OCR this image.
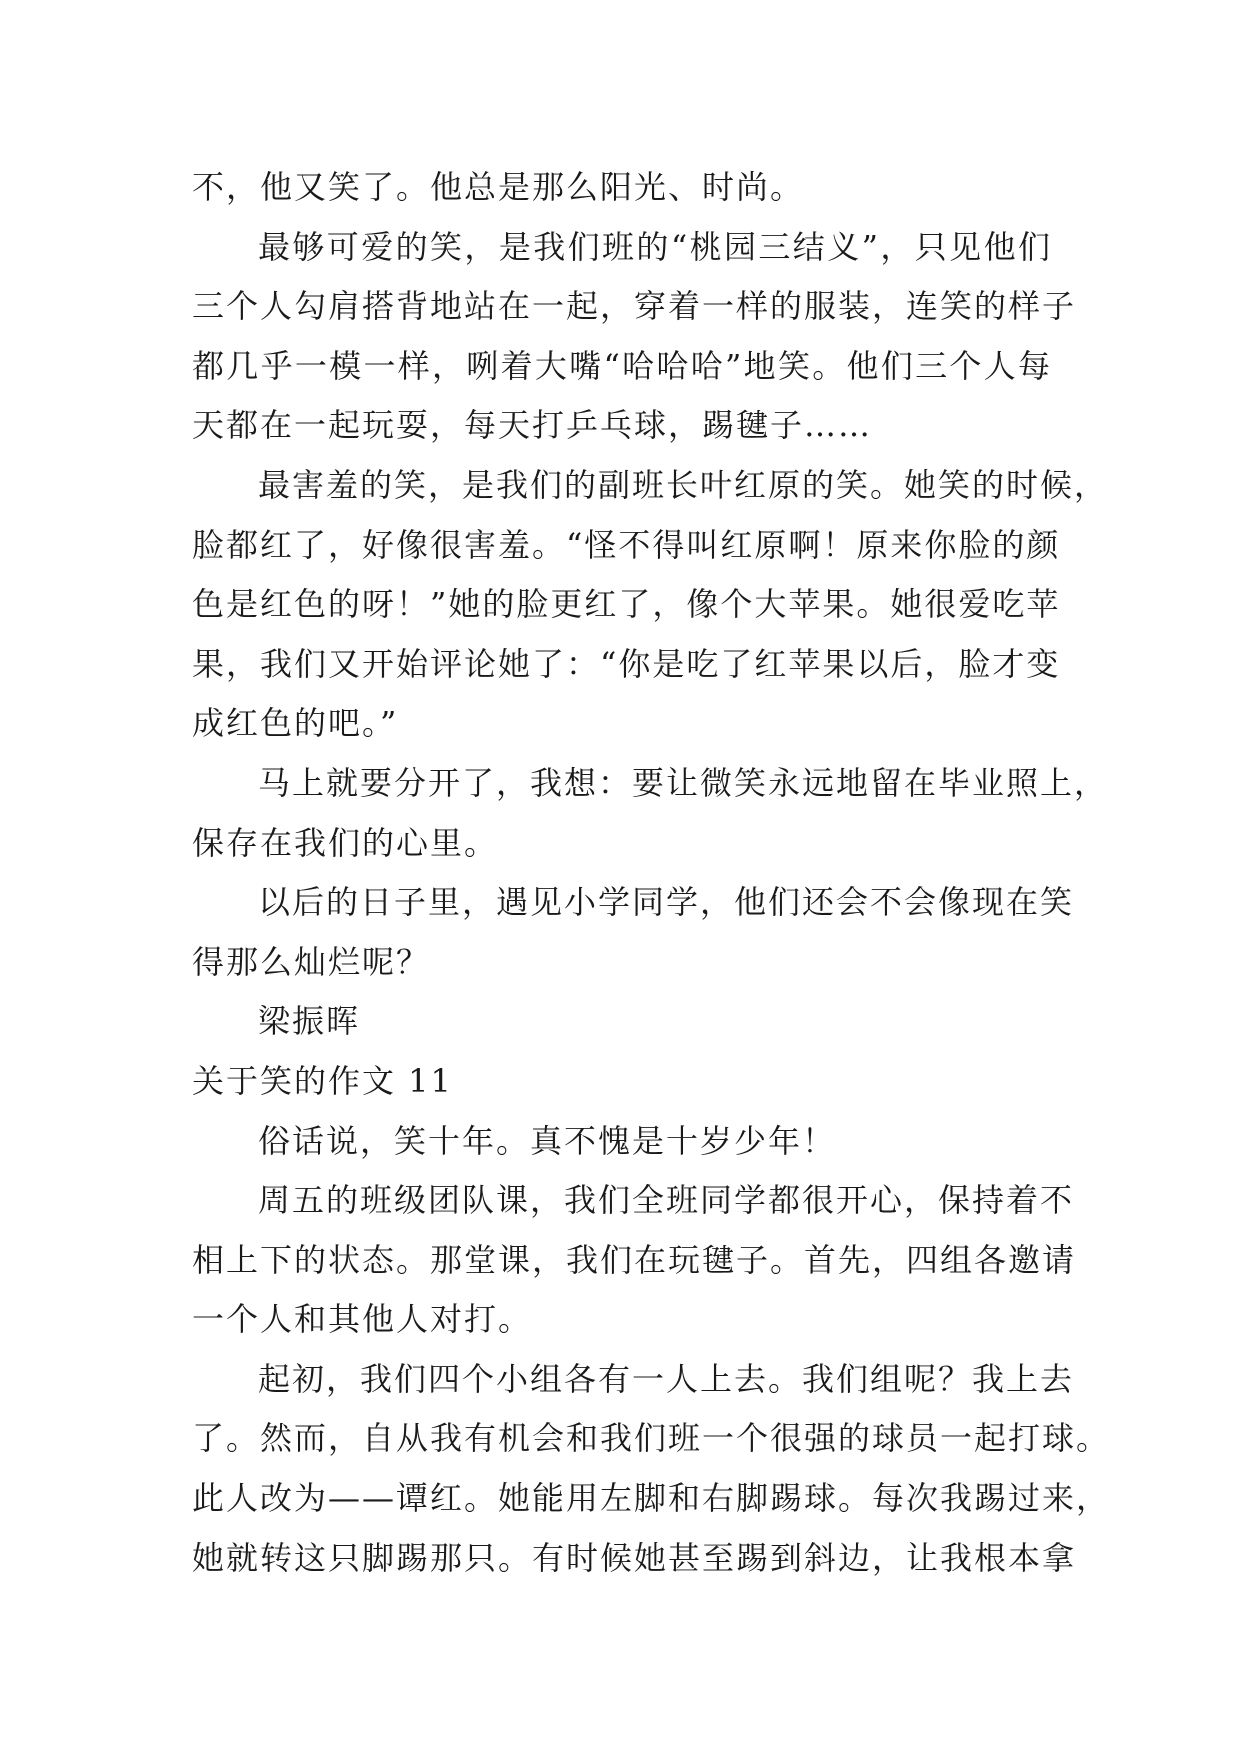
不，他又笑了。他总是那么阳光、时尚。
最够可爱的笑，是我们班的“桃园三结义”，只见他们
三个人勾肩搭背地站在一起，穿着一样的服装，连笑的样子
都几乎一模一样，咧着大嘴“哈哈哈”地笑。他们三个人每
天都在一起玩耍，每天打乒乓球，踢毽子……
最害羞的笑，是我们的副班长叶红原的笑。她笑的时候，
脸都红了，好像很害羞。“怪不得叫红原啊！原来你脸的颜
色是红色的呀！”她的脸更红了，像个大苹果。她很爱吃苹
果，我们又开始评论她了：“你是吃了红苹果以后，脸才变
成红色的吧。”
马上就要分开了，我想：要让微笑永远地留在毕业照上，
保存在我们的心里。
以后的日子里，遇见小学同学，他们还会不会像现在笑
得那么灿烂呢？
梁振晖
关于笑的作文 11
俗话说，笑十年。真不愧是十岁少年！
周五的班级团队课，我们全班同学都很开心，保持着不
相上下的状态。那堂课，我们在玩毽子。首先，四组各邀请
一个人和其他人对打。
起初，我们四个小组各有一人上去。我们组呢？我上去
了。然而，自从我有机会和我们班一个很强的球员一起打球。
此人改为——谭红。她能用左脚和右脚踢球。每次我踢过来，
她就转这只脚踢那只。有时候她甚至踢到斜边，让我根本拿
